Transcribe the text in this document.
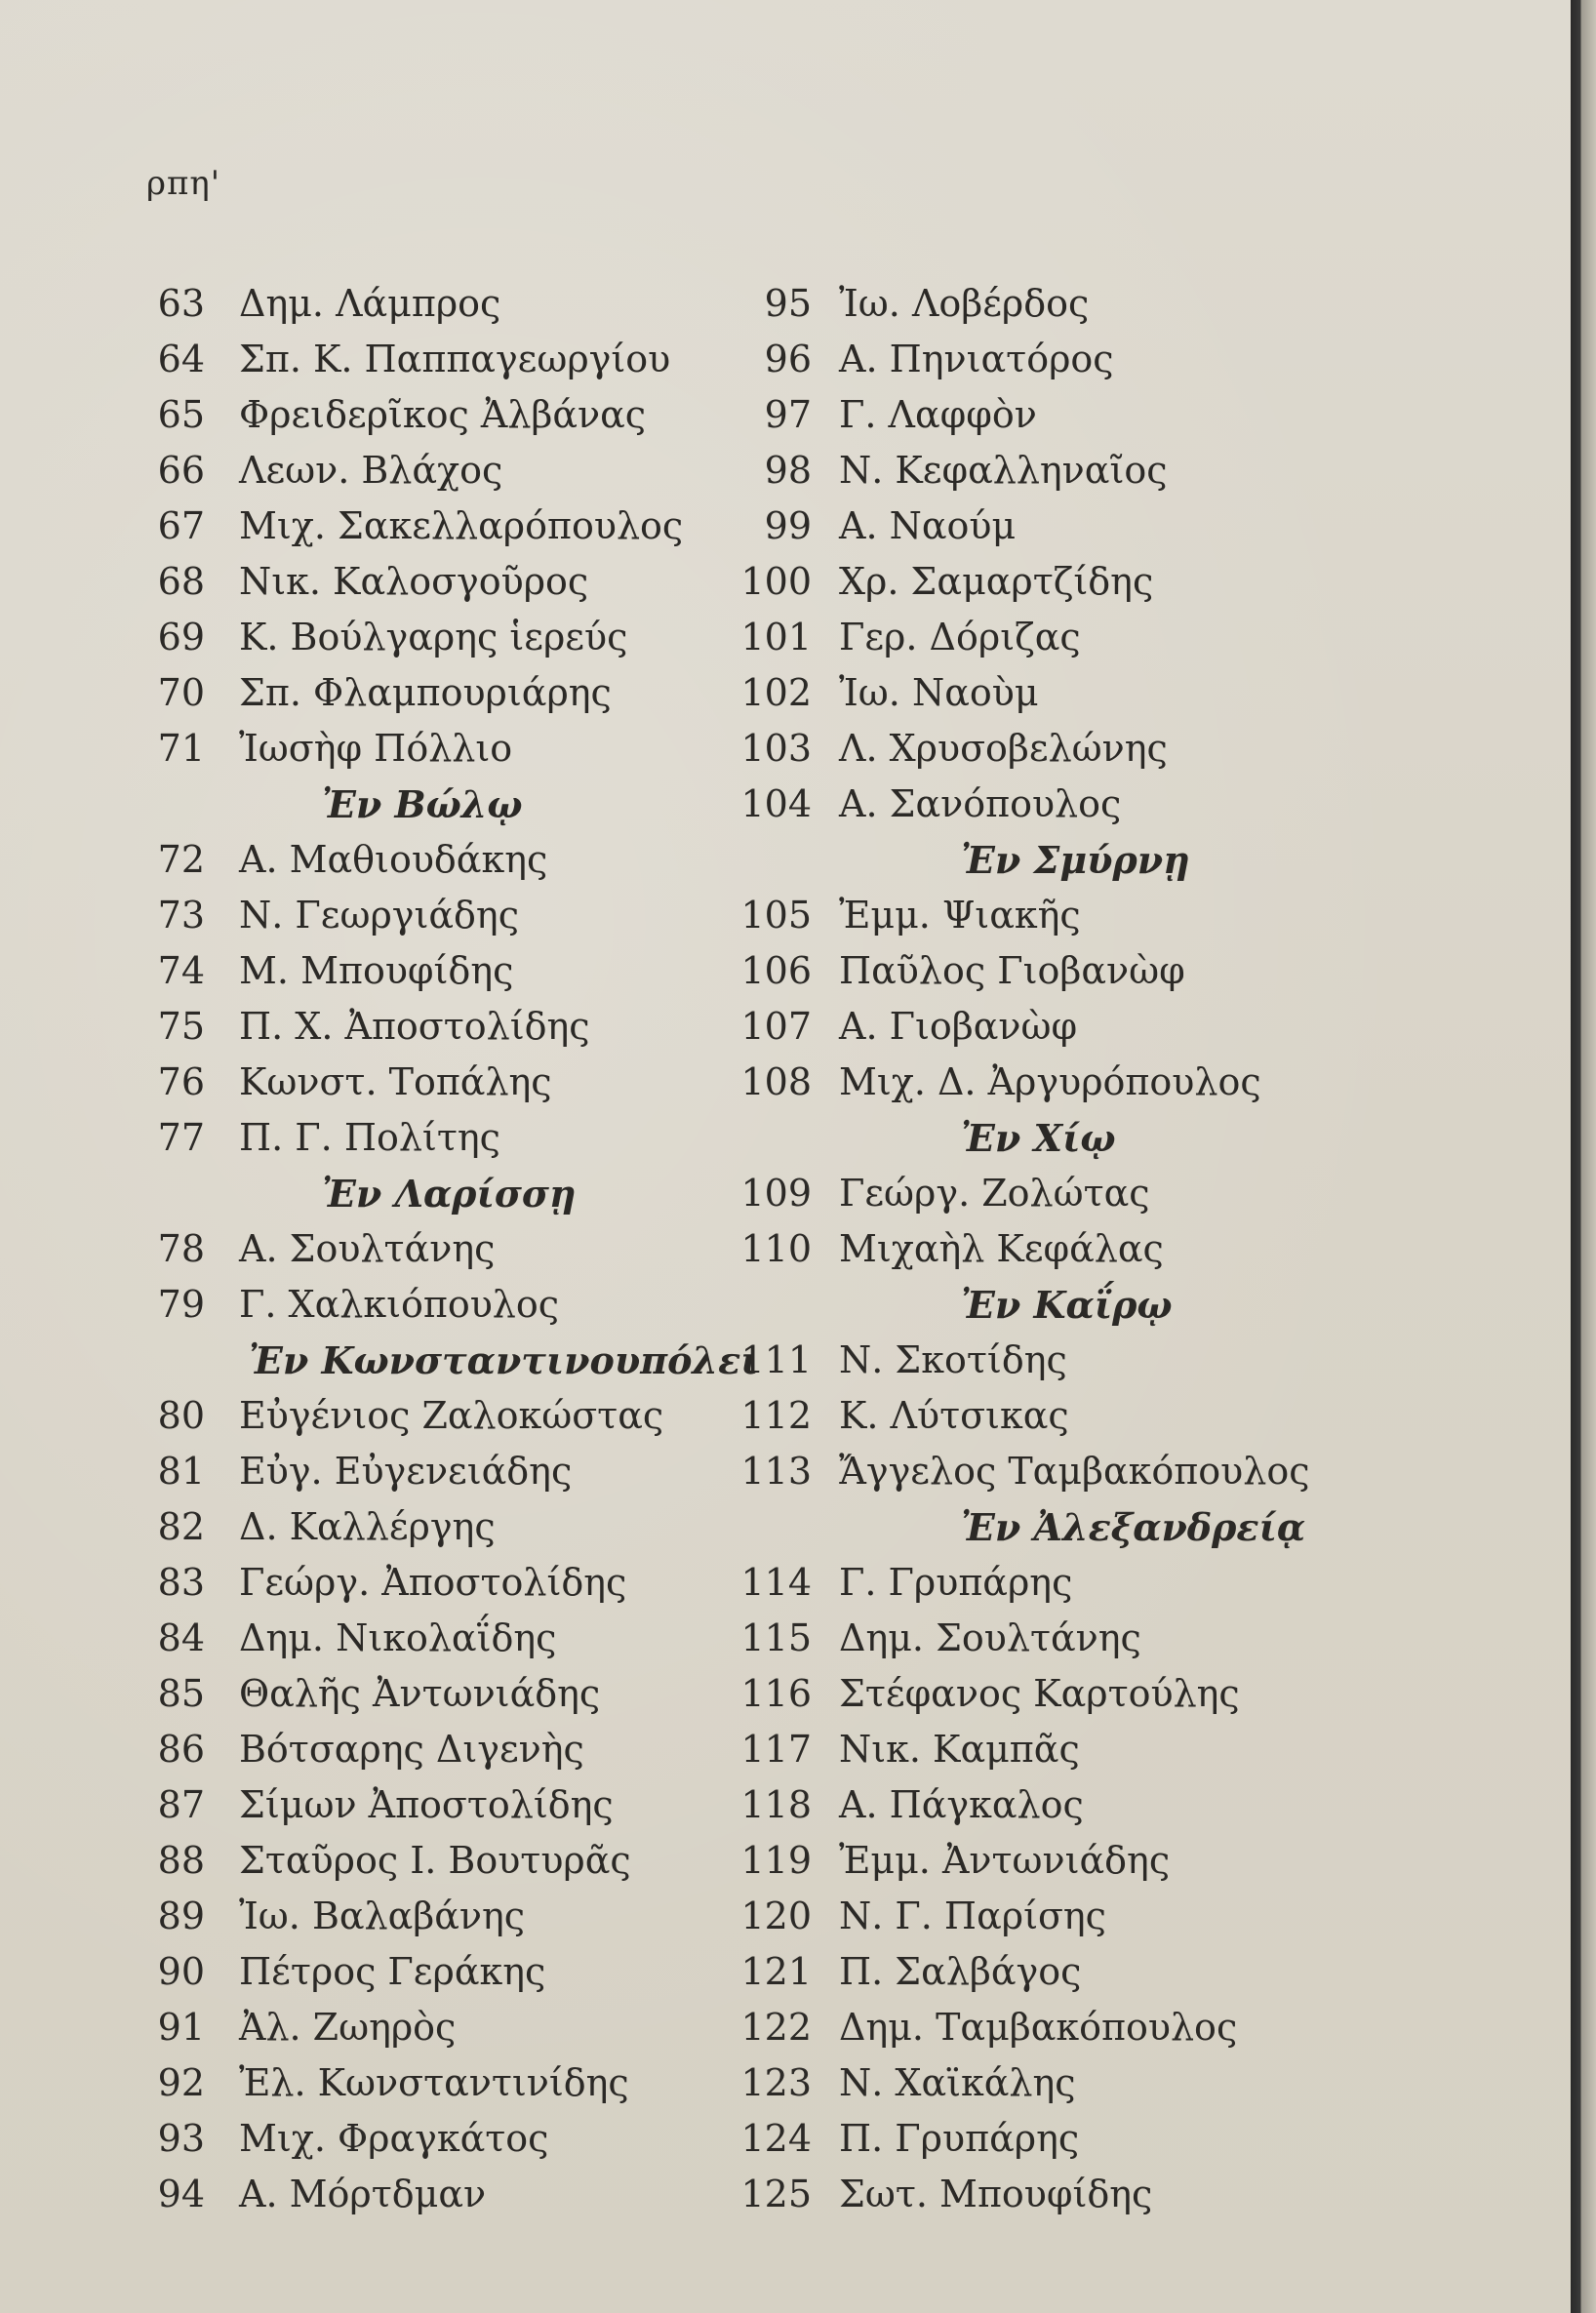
ρπη'
63 Δημ. Λάμπρος
64 Σπ. Κ. Παππαγεωργίου
65 Φρειδερῖκος Ἀλβάνας
66 Λεων. Βλάχος
67 Μιχ. Σακελλαρόπουλος
68 Νικ. Καλοσγοῦρος
69 Κ. Βούλγαρης ἱερεύς
70 Σπ. Φλαμπουριάρης
71 Ἰωσὴφ Πόλλιο
Ἐν Βώλῳ
72 Α. Μαθιουδάκης
73 Ν. Γεωργιάδης
74 Μ. Μπουφίδης
75 Π. Χ. Ἀποστολίδης
76 Κωνστ. Τοπάλης
77 Π. Γ. Πολίτης
Ἐν Λαρίσσῃ
78 Α. Σουλτάνης
79 Γ. Χαλκιόπουλος
Ἐν Κωνσταντινουπόλει
80 Εὐγένιος Ζαλοκώστας
81 Εὐγ. Εὐγενειάδης
82 Δ. Καλλέργης
83 Γεώργ. Ἀποστολίδης
84 Δημ. Νικολαΐδης
85 Θαλῆς Ἀντωνιάδης
86 Βότσαρης Διγενὴς
87 Σίμων Ἀποστολίδης
88 Σταῦρος Ι. Βουτυρᾶς
89 Ἰω. Βαλαβάνης
90 Πέτρος Γεράκης
91 Ἀλ. Ζωηρὸς
92 Ἐλ. Κωνσταντινίδης
93 Μιχ. Φραγκάτος
94 Α. Μόρτδμαν
95 Ἰω. Λοβέρδος
96 Α. Πηνιατόρος
97 Γ. Λαφφὸν
98 Ν. Κεφαλληναῖος
99 Α. Ναούμ
100 Χρ. Σαμαρτζίδης
101 Γερ. Δόριζας
102 Ἰω. Ναοὺμ
103 Λ. Χρυσοβελώνης
104 Α. Σανόπουλος
Ἐν Σμύρνῃ
105 Ἐμμ. Ψιακῆς
106 Παῦλος Γιοβανὼφ
107 Α. Γιοβανὼφ
108 Μιχ. Δ. Ἀργυρόπουλος
Ἐν Χίῳ
109 Γεώργ. Ζολώτας
110 Μιχαὴλ Κεφάλας
Ἐν Καΐρῳ
111 Ν. Σκοτίδης
112 Κ. Λύτσικας
113 Ἄγγελος Ταμβακόπουλος
Ἐν Ἀλεξανδρείᾳ
114 Γ. Γρυπάρης
115 Δημ. Σουλτάνης
116 Στέφανος Καρτούλης
117 Νικ. Καμπᾶς
118 Α. Πάγκαλος
119 Ἐμμ. Ἀντωνιάδης
120 Ν. Γ. Παρίσης
121 Π. Σαλβάγος
122 Δημ. Ταμβακόπουλος
123 Ν. Χαϊκάλης
124 Π. Γρυπάρης
125 Σωτ. Μπουφίδης
